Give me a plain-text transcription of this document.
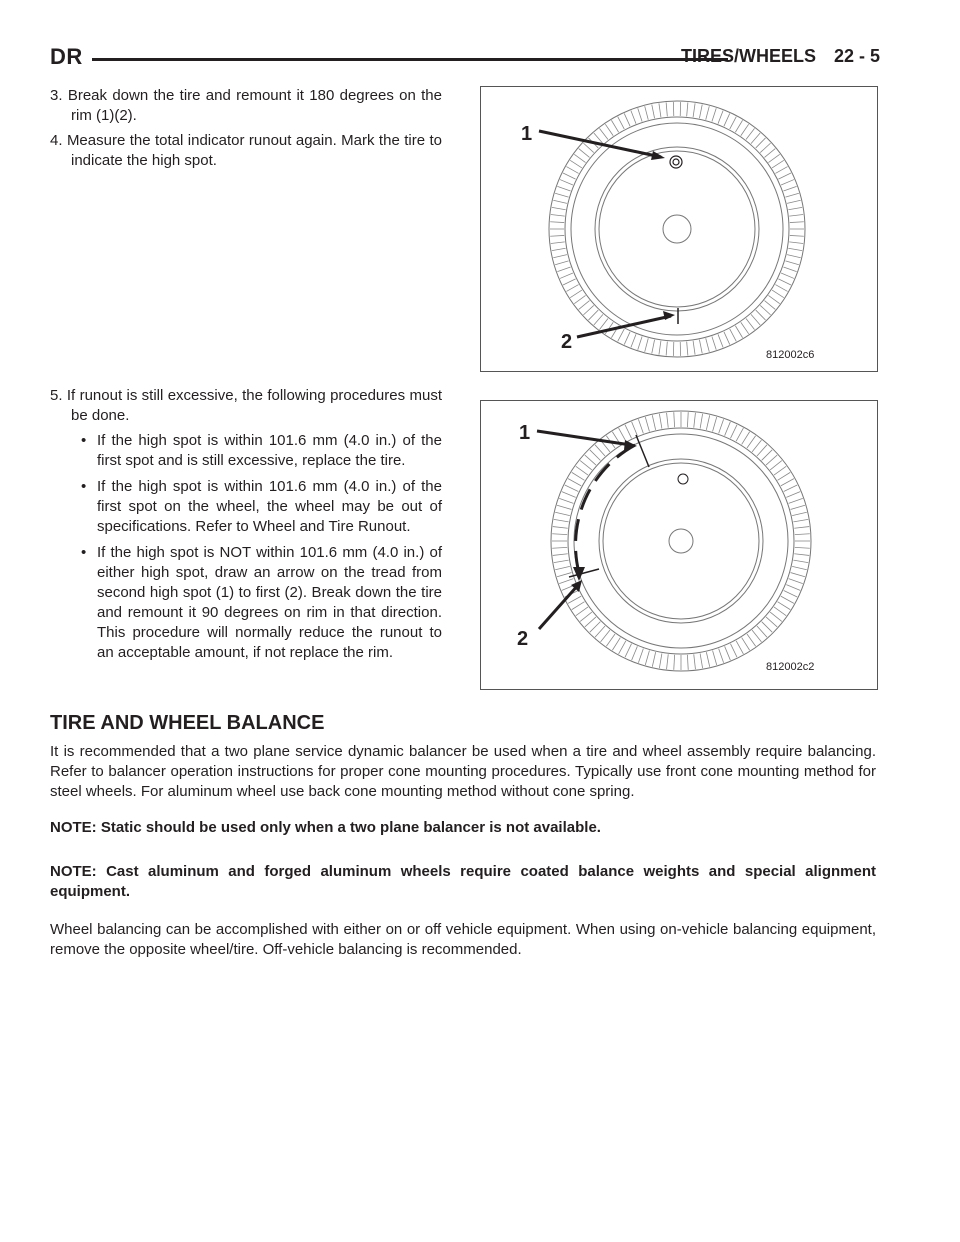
DR	TIRES/WHEELS 22 - 5

3. Break down the tire and remount it 180 degrees on the rim (1)(2).

4. Measure the total indicator runout again. Mark the tire to indicate the high spot.

1
2
812002c6

5. If runout is still excessive, the following procedures must be done.

• If the high spot is within 101.6 mm (4.0 in.) of the first spot and is still excessive, replace the tire.
• If the high spot is within 101.6 mm (4.0 in.) of the first spot on the wheel, the wheel may be out of specifications. Refer to Wheel and Tire Runout.
• If the high spot is NOT within 101.6 mm (4.0 in.) of either high spot, draw an arrow on the tread from second high spot (1) to first (2). Break down the tire and remount it 90 degrees on rim in that direction. This procedure will normally reduce the runout to an acceptable amount, if not replace the rim.
1
2
812002c2
TIRE AND WHEEL BALANCE

It is recommended that a two plane service dynamic balancer be used when a tire and wheel assembly require balancing. Refer to balancer operation instructions for proper cone mounting procedures. Typically use front cone mounting method for steel wheels. For aluminum wheel use back cone mounting method without cone spring.

NOTE: Static should be used only when a two plane balancer is not available.

NOTE: Cast aluminum and forged aluminum wheels require coated balance weights and special alignment equipment.

Wheel balancing can be accomplished with either on or off vehicle equipment. When using on-vehicle balancing equipment, remove the opposite wheel/tire. Off-vehicle balancing is recommended.
